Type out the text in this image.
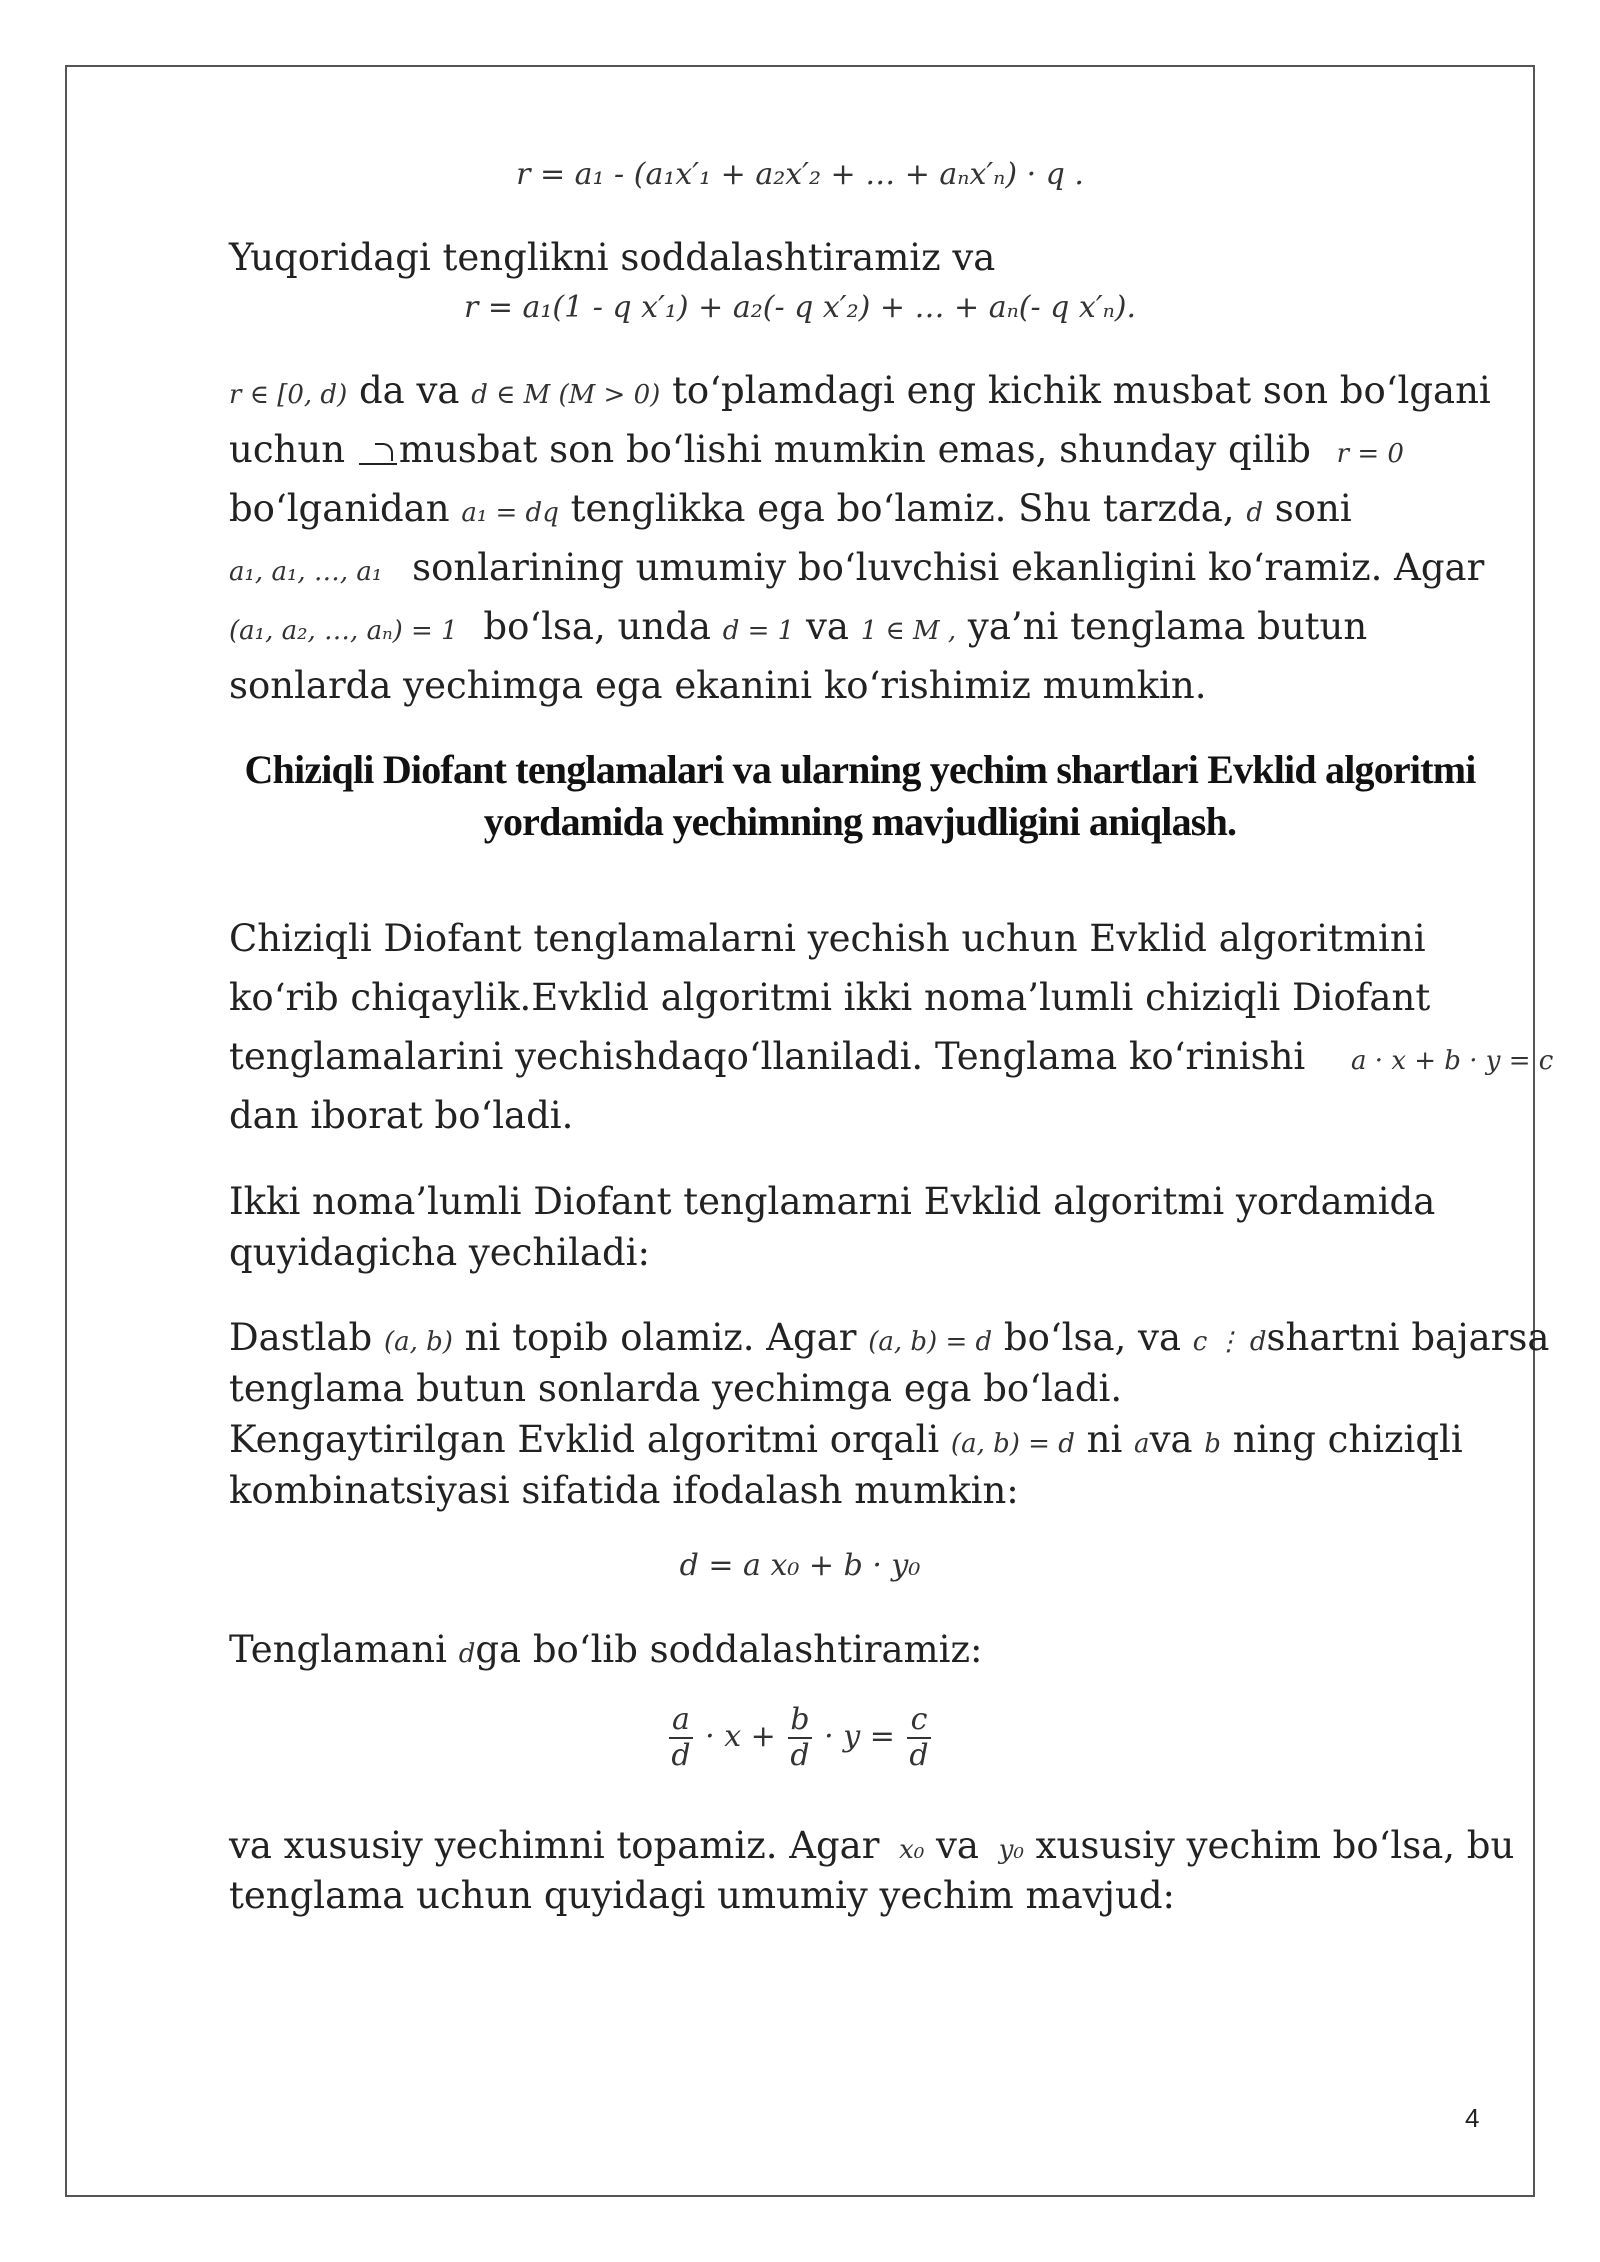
r = a₁ - (a₁x′₁ + a₂x′₂ + … + aₙx′ₙ) · q .
Yuqoridagi tenglikni soddalashtiramiz va
r = a₁(1 - q x′₁) + a₂(- q x′₂) + … + aₙ(- q x′ₙ).
r ∈ [0, d) da va d ∈ M (M > 0) to‘plamdagi eng kichik musbat son bo‘lgani
uchun musbat son bo‘lishi mumkin emas, shunday qilib r = 0
bo‘lganidan a₁ = dq tenglikka ega bo‘lamiz. Shu tarzda, d soni
a₁, a₁, …, a₁ sonlarining umumiy bo‘luvchisi ekanligini ko‘ramiz. Agar
(a₁, a₂, …, aₙ) = 1 bo‘lsa, unda d = 1 va 1 ∈ M , ya’ni tenglama butun
sonlarda yechimga ega ekanini ko‘rishimiz mumkin.
Chiziqli Diofant tenglamalari va ularning yechim shartlari Evklid algoritmi yordamida yechimning mavjudligini aniqlash.
Chiziqli Diofant tenglamalarni yechish uchun Evklid algoritmini
ko‘rib chiqaylik.Evklid algoritmi ikki noma’lumli chiziqli Diofant
tenglamalarini yechishdaqo‘llaniladi. Tenglama ko‘rinishi a · x + b · y = c
dan iborat bo‘ladi.
Ikki noma’lumli Diofant tenglamarni Evklid algoritmi yordamida
quyidagicha yechiladi:
Dastlab (a, b) ni topib olamiz. Agar (a, b) = d bo‘lsa, va c ⋮ dshartni bajarsa
tenglama butun sonlarda yechimga ega bo‘ladi.
Kengaytirilgan Evklid algoritmi orqali (a, b) = d ni ava b ning chiziqli
kombinatsiyasi sifatida ifodalash mumkin:
d = a x₀ + b · y₀
Tenglamani dga bo‘lib soddalashtiramiz:
$\frac{a}{d} \cdot x + \frac{b}{d} \cdot y = \frac{c}{d}$
va xususiy yechimni topamiz. Agar x₀ va y₀ xususiy yechim bo‘lsa, bu
tenglama uchun quyidagi umumiy yechim mavjud:
4
